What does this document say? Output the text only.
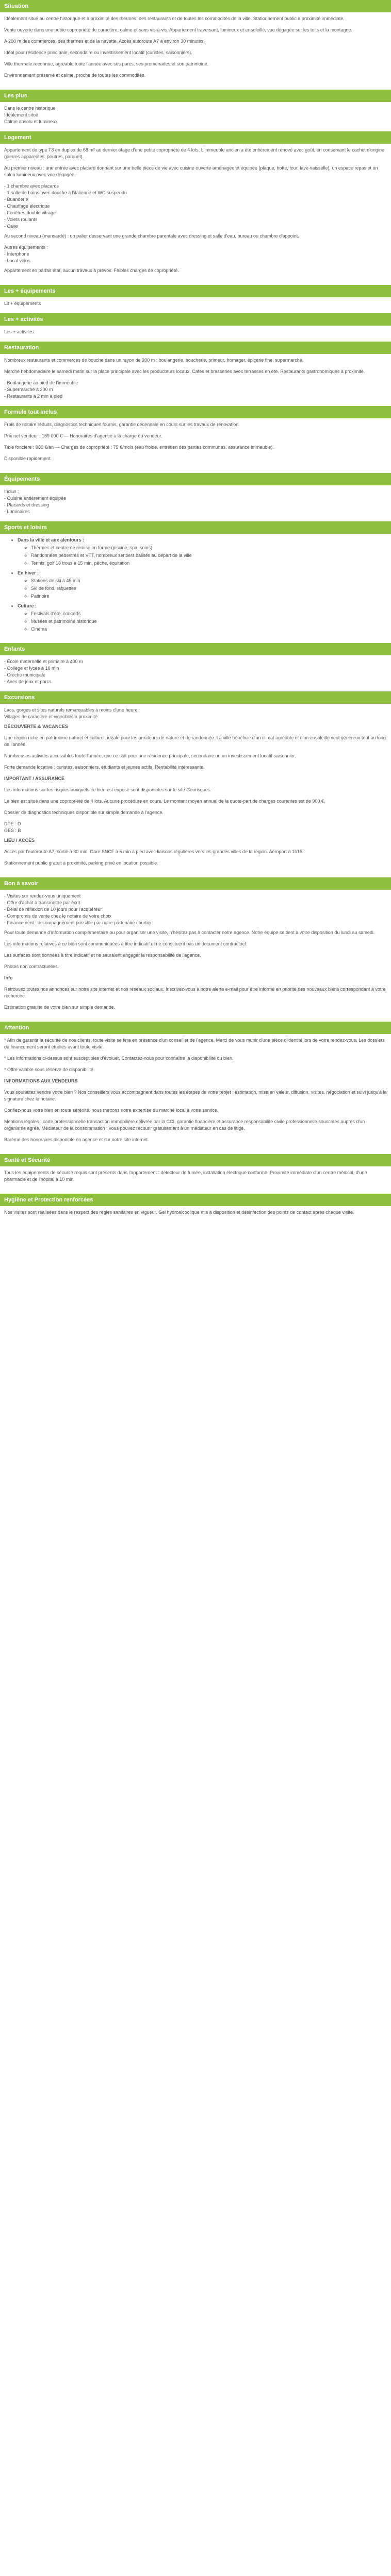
Situation

Idéalement situé au centre historique et à proximité des thermes, des restaurants et de toutes les commodités de la ville. Stationnement public à proximité immédiate.

Vente ouverte dans une petite copropriété de caractère, calme et sans vis-à-vis. Appartement traversant, lumineux et ensoleillé, vue dégagée sur les toits et la montagne.

A 200 m des commerces, des thermes et de la navette. Accès autoroute A7 à environ 30 minutes.

Idéal pour résidence principale, secondaire ou investissement locatif (curistes, saisonniers).

Ville thermale reconnue, agréable toute l'année avec ses parcs, ses promenades et son patrimoine.

Environnement préservé et calme, proche de toutes les commodités.

Les plus
Dans le centre historique
Idéalement situé
Calme absolu et lumineux
Logement

Appartement de type T3 en duplex de 68 m² au dernier étage d'une petite copropriété de 4 lots. L'immeuble ancien a été entièrement rénové avec goût, en conservant le cachet d'origine (pierres apparentes, poutres, parquet).

Au premier niveau : une entrée avec placard donnant sur une belle pièce de vie avec cuisine ouverte aménagée et équipée (plaque, hotte, four, lave-vaisselle), un espace repas et un salon lumineux avec vue dégagée.

- 1 chambre avec placards
- 1 salle de bains avec douche à l'italienne et WC suspendu
- Buanderie
- Chauffage électrique
- Fenêtres double vitrage
- Volets roulants
- Cave

Au second niveau (mansardé) : un palier desservant une grande chambre parentale avec dressing et salle d'eau, bureau ou chambre d'appoint.

Autres équipements :
- Interphone
- Local vélos

Appartement en parfait état, aucun travaux à prévoir. Faibles charges de copropriété.

Les + équipements
Lit + équipements
Les + activités
Les + activités
Restauration

Nombreux restaurants et commerces de bouche dans un rayon de 200 m : boulangerie, boucherie, primeur, fromager, épicerie fine, supermarché.

Marché hebdomadaire le samedi matin sur la place principale avec les producteurs locaux. Cafés et brasseries avec terrasses en été. Restaurants gastronomiques à proximité.

- Boulangerie au pied de l'immeuble
- Supermarché à 300 m
- Restaurants à 2 min à pied
Formule tout inclus

Frais de notaire réduits, diagnostics techniques fournis, garantie décennale en cours sur les travaux de rénovation.

Prix net vendeur : 189 000 € — Honoraires d'agence à la charge du vendeur.

Taxe foncière : 980 €/an — Charges de copropriété : 75 €/mois (eau froide, entretien des parties communes, assurance immeuble).

Disponible rapidement.

Équipements
Inclus :
- Cuisine entièrement équipée
- Placards et dressing
- Luminaires
Sports et loisirs
• Dans la ville et aux alentours :
◦ Thermes et centre de remise en forme (piscine, spa, soins)
◦ Randonnées pédestres et VTT, nombreux sentiers balisés au départ de la ville
◦ Tennis, golf 18 trous à 15 min, pêche, équitation
• En hiver :
◦ Stations de ski à 45 min
◦ Ski de fond, raquettes
◦ Patinoire
• Culture :
◦ Festivals d'été, concerts
◦ Musées et patrimoine historique
◦ Cinéma
Enfants
- École maternelle et primaire à 400 m
- Collège et lycée à 10 min
- Crèche municipale
- Aires de jeux et parcs
Excursions
Lacs, gorges et sites naturels remarquables à moins d'une heure.
Villages de caractère et vignobles à proximité.

DÉCOUVERTE & VACANCES

Une région riche en patrimoine naturel et culturel, idéale pour les amateurs de nature et de randonnée. La ville bénéficie d'un climat agréable et d'un ensoleillement généreux tout au long de l'année.

Nombreuses activités accessibles toute l'année, que ce soit pour une résidence principale, secondaire ou un investissement locatif saisonnier.

Forte demande locative : curistes, saisonniers, étudiants et jeunes actifs. Rentabilité intéressante.

IMPORTANT / ASSURANCE

Les informations sur les risques auxquels ce bien est exposé sont disponibles sur le site Géorisques.

Le bien est situé dans une copropriété de 4 lots. Aucune procédure en cours. Le montant moyen annuel de la quote-part de charges courantes est de 900 €.

Dossier de diagnostics techniques disponible sur simple demande à l'agence.

DPE : D
GES : B

LIEU / ACCÈS

Accès par l'autoroute A7, sortie à 30 min. Gare SNCF à 5 min à pied avec liaisons régulières vers les grandes villes de la région. Aéroport à 1h15.

Stationnement public gratuit à proximité, parking privé en location possible.

Bon à savoir
- Visites sur rendez-vous uniquement
- Offre d'achat à transmettre par écrit
- Délai de réflexion de 10 jours pour l'acquéreur
- Compromis de vente chez le notaire de votre choix
- Financement : accompagnement possible par notre partenaire courtier

Pour toute demande d'information complémentaire ou pour organiser une visite, n'hésitez pas à contacter notre agence. Notre équipe se tient à votre disposition du lundi au samedi.

Les informations relatives à ce bien sont communiquées à titre indicatif et ne constituent pas un document contractuel.

Les surfaces sont données à titre indicatif et ne sauraient engager la responsabilité de l'agence.

Photos non contractuelles.

Info

Retrouvez toutes nos annonces sur notre site internet et nos réseaux sociaux. Inscrivez-vous à notre alerte e-mail pour être informé en priorité des nouveaux biens correspondant à votre recherche.

Estimation gratuite de votre bien sur simple demande.

Attention

* Afin de garantir la sécurité de nos clients, toute visite se fera en présence d'un conseiller de l'agence. Merci de vous munir d'une pièce d'identité lors de votre rendez-vous. Les dossiers de financement seront étudiés avant toute visite.

* Les informations ci-dessus sont susceptibles d'évoluer. Contactez-nous pour connaître la disponibilité du bien.

* Offre valable sous réserve de disponibilité.

INFORMATIONS AUX VENDEURS

Vous souhaitez vendre votre bien ? Nos conseillers vous accompagnent dans toutes les étapes de votre projet : estimation, mise en valeur, diffusion, visites, négociation et suivi jusqu'à la signature chez le notaire.

Confiez-nous votre bien en toute sérénité, nous mettons notre expertise du marché local à votre service.

Mentions légales : carte professionnelle transaction immobilière délivrée par la CCI, garantie financière et assurance responsabilité civile professionnelle souscrites auprès d'un organisme agréé. Médiateur de la consommation : vous pouvez recourir gratuitement à un médiateur en cas de litige.

Barème des honoraires disponible en agence et sur notre site internet.

Santé et Sécurité

Tous les équipements de sécurité requis sont présents dans l'appartement : détecteur de fumée, installation électrique conforme. Proximité immédiate d'un centre médical, d'une pharmacie et de l'hôpital à 10 min.

Hygiène et Protection renforcées

Nos visites sont réalisées dans le respect des règles sanitaires en vigueur. Gel hydroalcoolique mis à disposition et désinfection des points de contact après chaque visite.
